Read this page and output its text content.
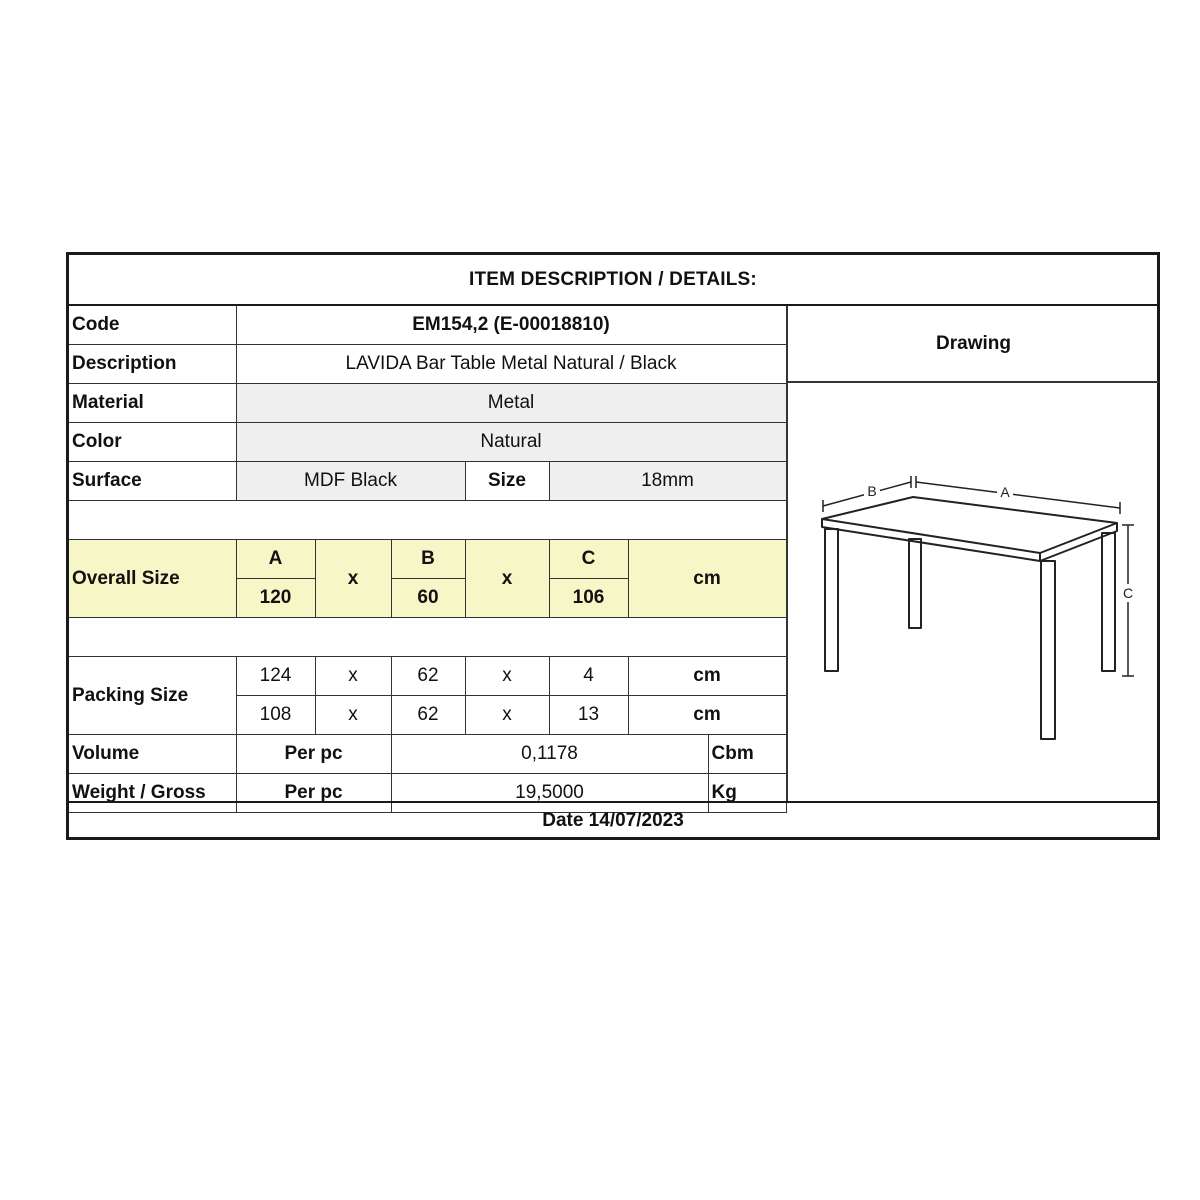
ITEM DESCRIPTION / DETAILS:
Code	EM154,2 (E-00018810)						
Description	LAVIDA Bar Table Metal Natural / Black						
Material	Metal						
Color	Natural						
Surface	MDF Black			Size	18mm		

Overall Size	A	x	B	x	C	cm	
	120		60		106		

Packing Size	124	x	62	x	4	cm	
	108	x	62	x	13	cm	
Volume	Per pc		0,1178				Cbm
Weight / Gross	Per pc		19,5000				Kg
Drawing
B	A
C
Date 14/07/2023
